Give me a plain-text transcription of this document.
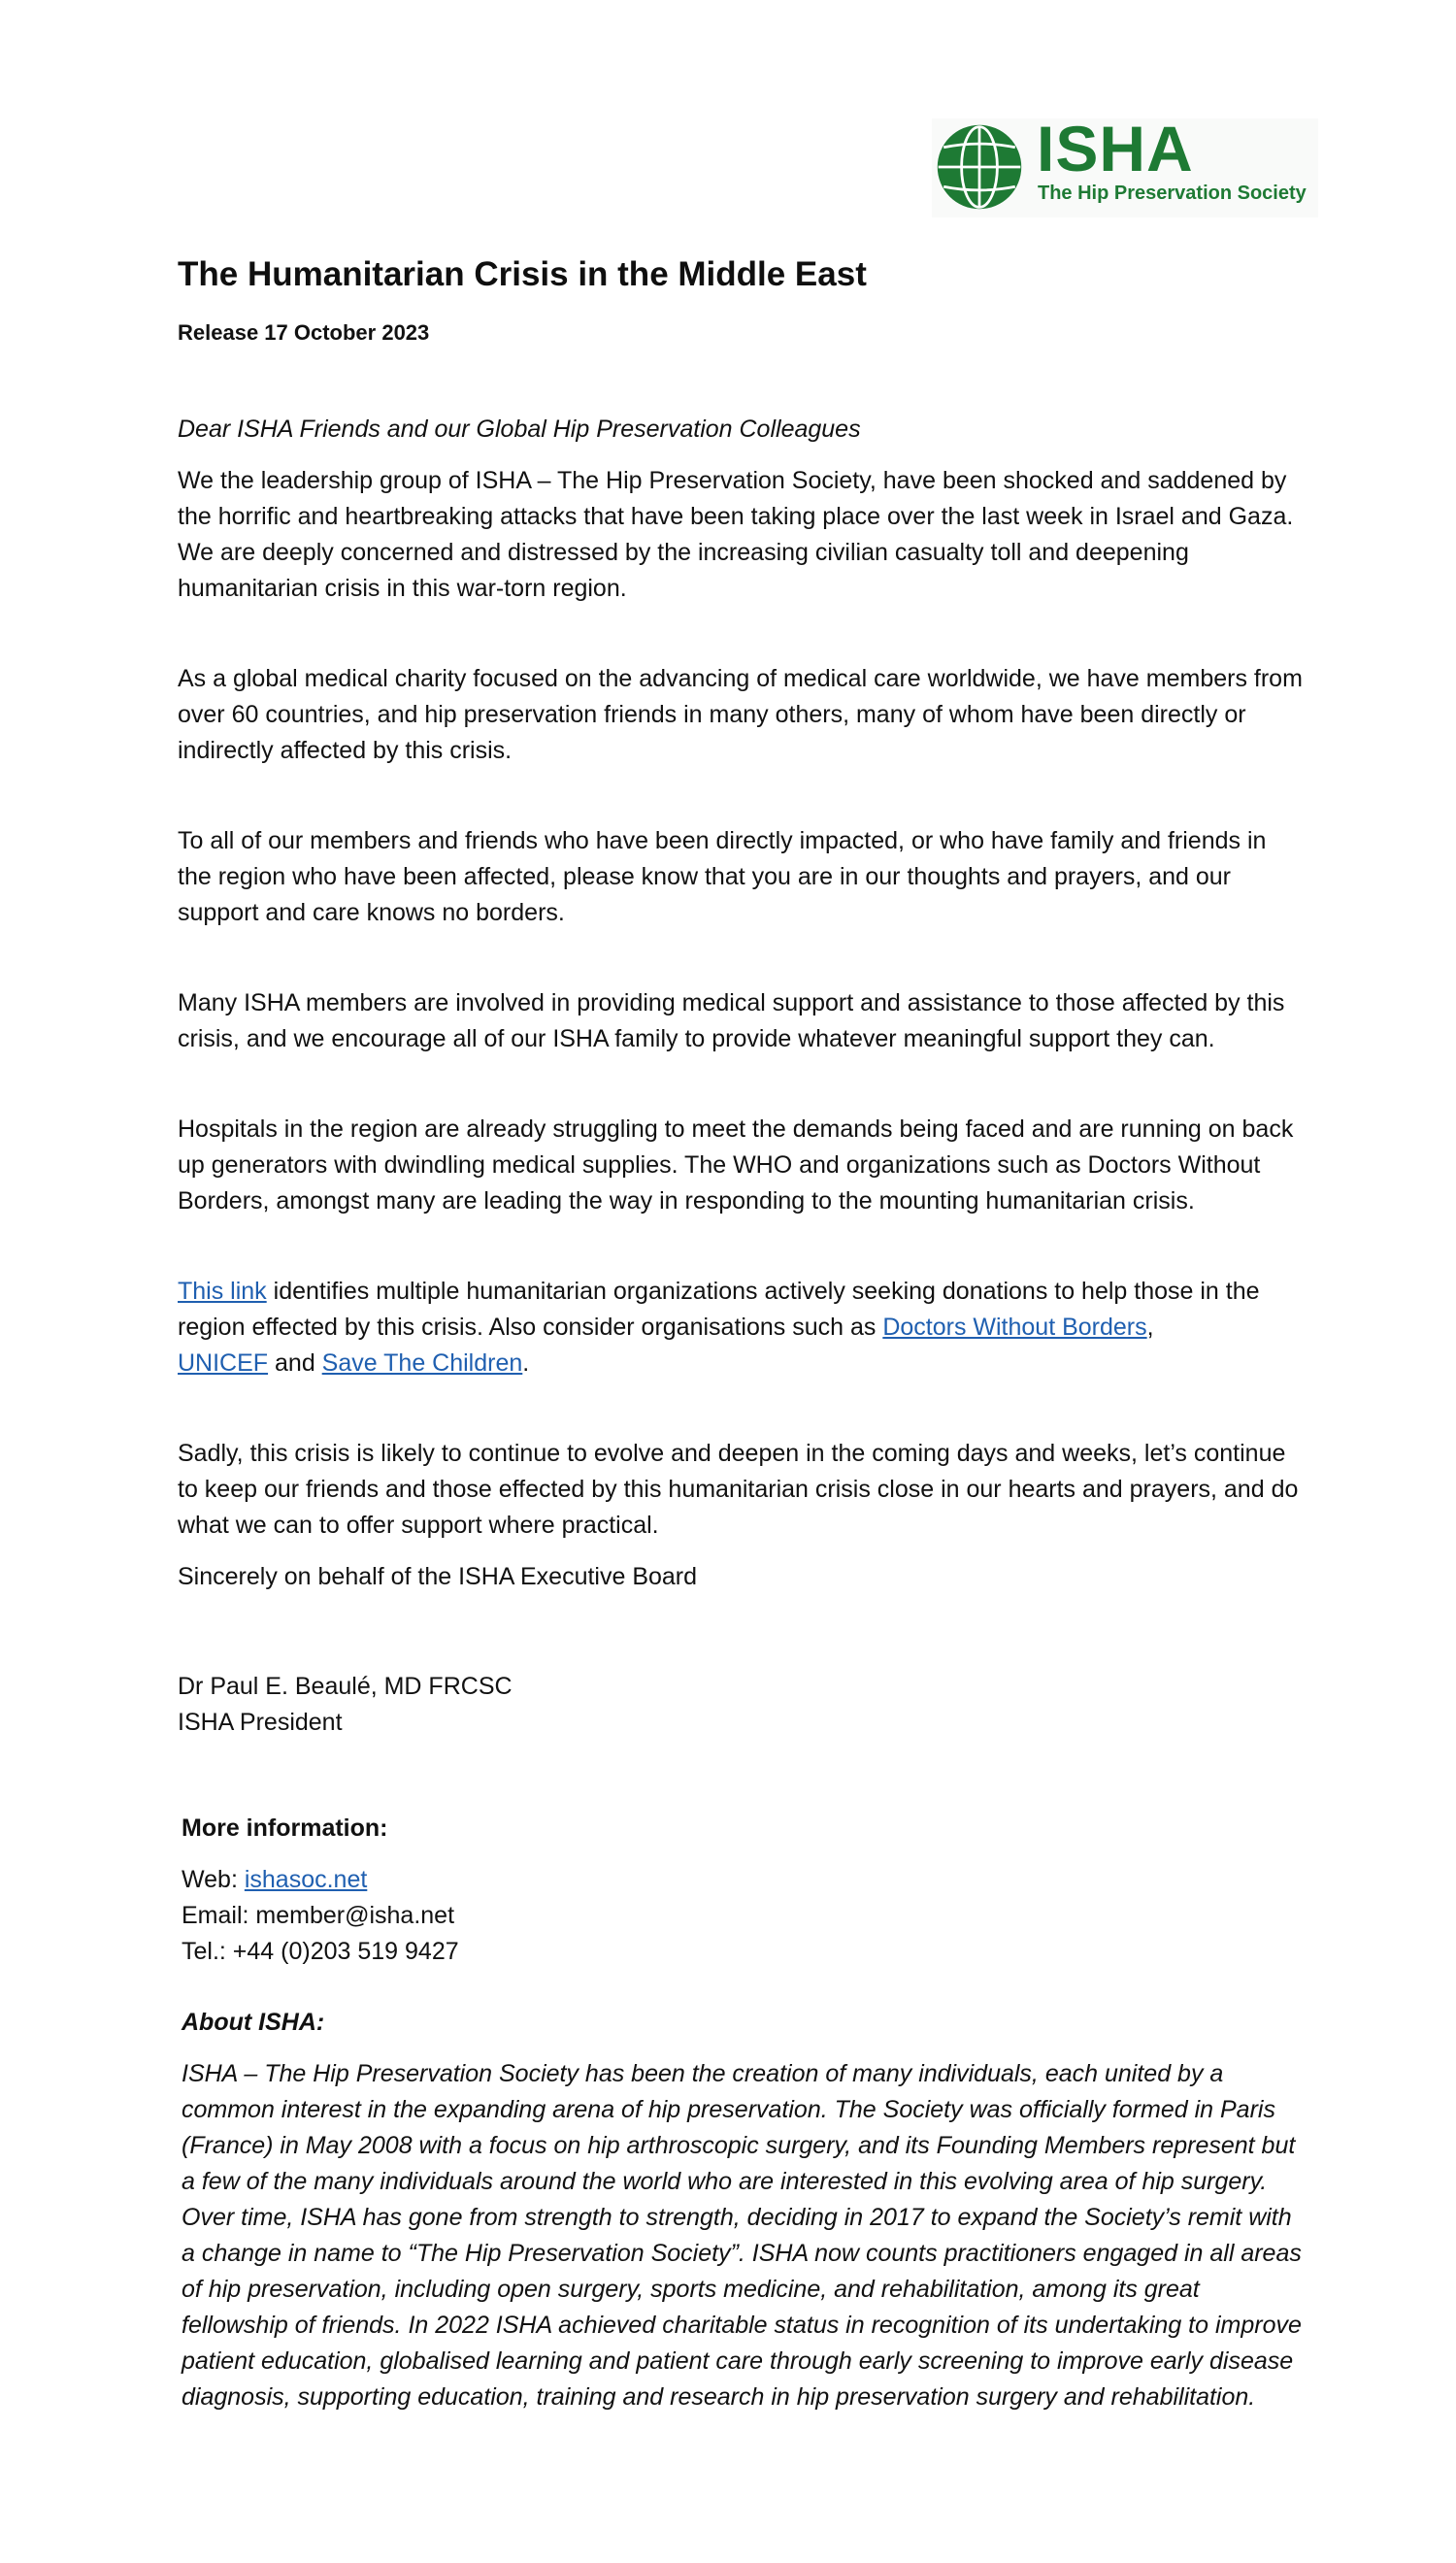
ISHA
The Hip Preservation Society
The Humanitarian Crisis in the Middle East

Release 17 October 2023

Dear ISHA Friends and our Global Hip Preservation Colleagues

We the leadership group of ISHA – The Hip Preservation Society, have been shocked and saddened by the horrific and heartbreaking attacks that have been taking place over the last week in Israel and Gaza. We are deeply concerned and distressed by the increasing civilian casualty toll and deepening humanitarian crisis in this war-torn region.

As a global medical charity focused on the advancing of medical care worldwide, we have members from over 60 countries, and hip preservation friends in many others, many of whom have been directly or indirectly affected by this crisis.

To all of our members and friends who have been directly impacted, or who have family and friends in the region who have been affected, please know that you are in our thoughts and prayers, and our support and care knows no borders.

Many ISHA members are involved in providing medical support and assistance to those affected by this crisis, and we encourage all of our ISHA family to provide whatever meaningful support they can.

Hospitals in the region are already struggling to meet the demands being faced and are running on back up generators with dwindling medical supplies. The WHO and organizations such as Doctors Without Borders, amongst many are leading the way in responding to the mounting humanitarian crisis.

This link identifies multiple humanitarian organizations actively seeking donations to help those in the region effected by this crisis. Also consider organisations such as Doctors Without Borders,
UNICEF and Save The Children.

Sadly, this crisis is likely to continue to evolve and deepen in the coming days and weeks, let’s continue to keep our friends and those effected by this humanitarian crisis close in our hearts and prayers, and do what we can to offer support where practical.

Sincerely on behalf of the ISHA Executive Board

Dr Paul E. Beaulé, MD FRCSC

ISHA President

More information:

Web: ishasoc.net

Email: member@isha.net

Tel.: +44 (0)203 519 9427

About ISHA:

ISHA – The Hip Preservation Society has been the creation of many individuals, each united by a common interest in the expanding arena of hip preservation. The Society was officially formed in Paris (France) in May 2008 with a focus on hip arthroscopic surgery, and its Founding Members represent but a few of the many individuals around the world who are interested in this evolving area of hip surgery. Over time, ISHA has gone from strength to strength, deciding in 2017 to expand the Society’s remit with a change in name to “The Hip Preservation Society”. ISHA now counts practitioners engaged in all areas of hip preservation, including open surgery, sports medicine, and rehabilitation, among its great fellowship of friends. In 2022 ISHA achieved charitable status in recognition of its undertaking to improve patient education, globalised learning and patient care through early screening to improve early disease diagnosis, supporting education, training and research in hip preservation surgery and rehabilitation.
